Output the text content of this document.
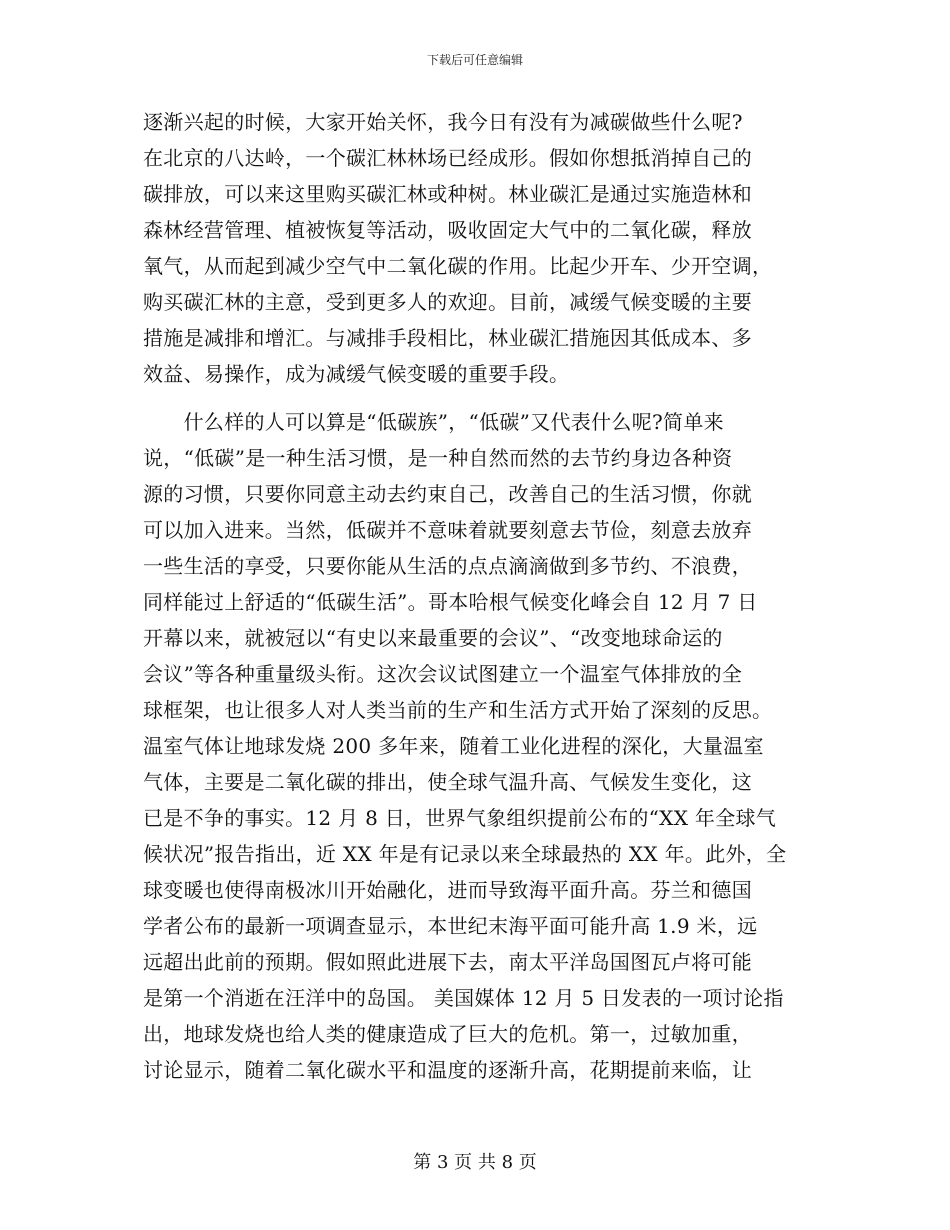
下载后可任意编辑
逐渐兴起的时候，大家开始关怀，我今日有没有为减碳做些什么呢?
在北京的八达岭，一个碳汇林林场已经成形。假如你想抵消掉自己的
碳排放，可以来这里购买碳汇林或种树。林业碳汇是通过实施造林和
森林经营管理、植被恢复等活动，吸收固定大气中的二氧化碳，释放
氧气，从而起到减少空气中二氧化碳的作用。比起少开车、少开空调，
购买碳汇林的主意，受到更多人的欢迎。目前，减缓气候变暖的主要
措施是减排和增汇。与减排手段相比，林业碳汇措施因其低成本、多
效益、易操作，成为减缓气候变暖的重要手段。
　　什么样的人可以算是“低碳族”，“低碳”又代表什么呢?简单来
说，“低碳”是一种生活习惯，是一种自然而然的去节约身边各种资
源的习惯，只要你同意主动去约束自己，改善自己的生活习惯，你就
可以加入进来。当然，低碳并不意味着就要刻意去节俭，刻意去放弃
一些生活的享受，只要你能从生活的点点滴滴做到多节约、不浪费，
同样能过上舒适的“低碳生活”。哥本哈根气候变化峰会自 12 月 7 日
开幕以来，就被冠以“有史以来最重要的会议”、“改变地球命运的
会议”等各种重量级头衔。这次会议试图建立一个温室气体排放的全
球框架，也让很多人对人类当前的生产和生活方式开始了深刻的反思。
温室气体让地球发烧 200 多年来，随着工业化进程的深化，大量温室
气体，主要是二氧化碳的排出，使全球气温升高、气候发生变化，这
已是不争的事实。12 月 8 日，世界气象组织提前公布的“XX 年全球气
候状况”报告指出，近 XX 年是有记录以来全球最热的 XX 年。此外，全
球变暖也使得南极冰川开始融化，进而导致海平面升高。芬兰和德国
学者公布的最新一项调查显示，本世纪末海平面可能升高 1.9 米，远
远超出此前的预期。假如照此进展下去，南太平洋岛国图瓦卢将可能
是第一个消逝在汪洋中的岛国。 美国媒体 12 月 5 日发表的一项讨论指
出，地球发烧也给人类的健康造成了巨大的危机。第一，过敏加重，
讨论显示，随着二氧化碳水平和温度的逐渐升高，花期提前来临，让
第 3 页 共 8 页
